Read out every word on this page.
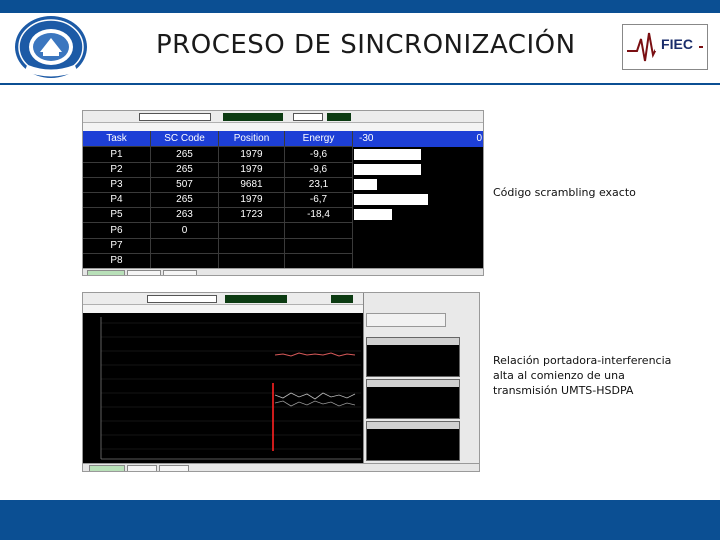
PROCESO DE SINCRONIZACIÓN	FIEC
Task	SC Code	Position	Energy
P1	265	1979	-9,6
P2	265	1979	-9,6
P3	507	9681	23,1
P4	265	1979	-6,7
P5	263	1723	-18,4
P6	0
P7
P8
-30	0
Código scrambling exacto
Relación portadora-interferencia
alta al comienzo de una
transmisión UMTS-HSDPA
